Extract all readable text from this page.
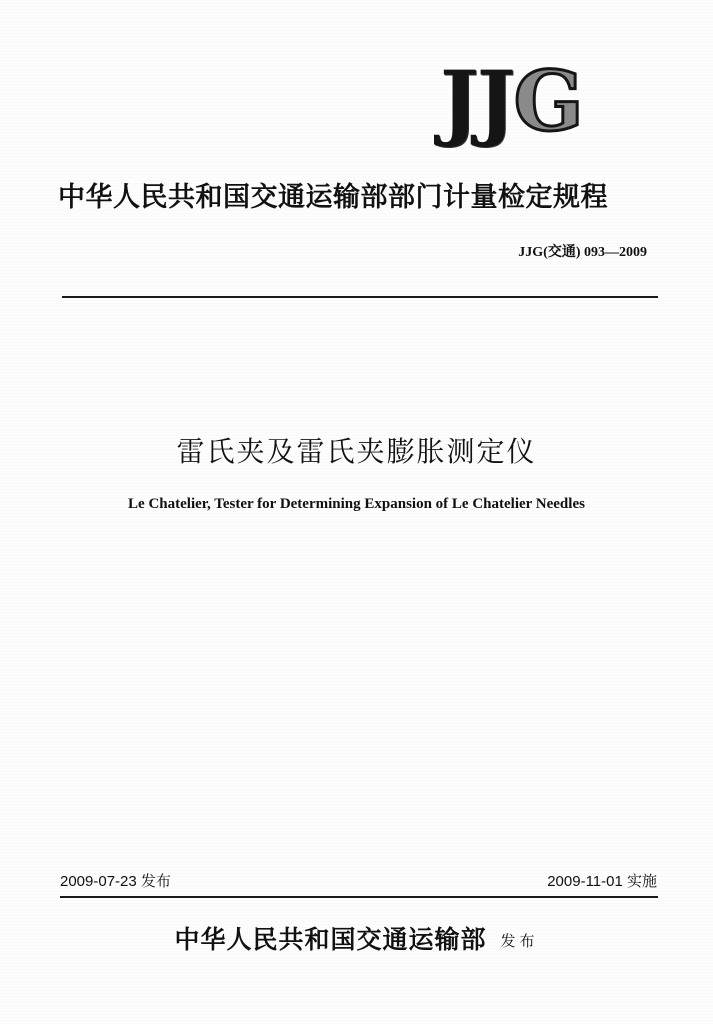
JJG
中华人民共和国交通运输部部门计量检定规程
JJG(交通) 093—2009
雷氏夹及雷氏夹膨胀测定仪
Le Chatelier, Tester for Determining Expansion of Le Chatelier Needles
2009-07-23 发布	2009-11-01 实施
中华人民共和国交通运输部 发布
